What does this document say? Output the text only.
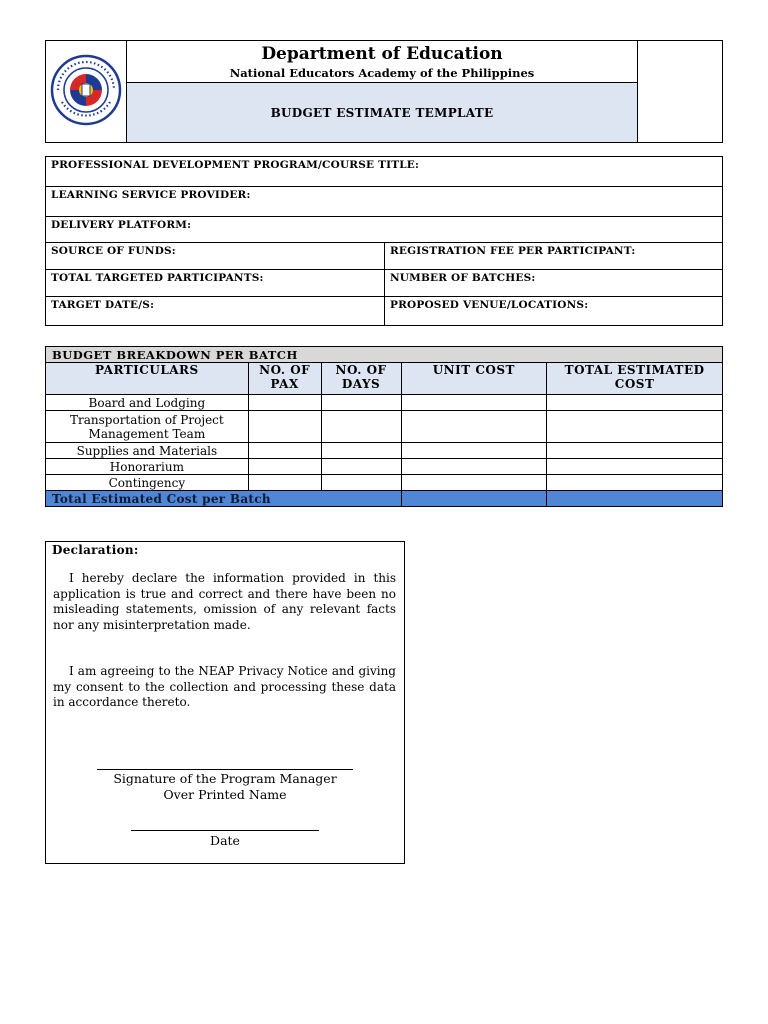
Department of Education
National Educators Academy of the Philippines

BUDGET ESTIMATE TEMPLATE
PROFESSIONAL DEVELOPMENT PROGRAM/COURSE TITLE:	
LEARNING SERVICE PROVIDER:	
DELIVERY PLATFORM:	
SOURCE OF FUNDS:	REGISTRATION FEE PER PARTICIPANT:
TOTAL TARGETED PARTICIPANTS:	NUMBER OF BATCHES:
TARGET DATE/S:	PROPOSED VENUE/LOCATIONS:
BUDGET BREAKDOWN PER BATCH				
PARTICULARS	NO. OF PAX	NO. OF DAYS	UNIT COST	TOTAL ESTIMATED COST
Board and Lodging				
Transportation of Project Management Team				
Supplies and Materials				
Honorarium				
Contingency				
Total Estimated Cost per Batch				
Declaration:
I hereby declare the information provided in this application is true and correct and there have been no misleading statements, omission of any relevant facts nor any misinterpretation made.
I am agreeing to the NEAP Privacy Notice and giving my consent to the collection and processing these data in accordance thereto.
Signature of the Program Manager
Over Printed Name
Date
